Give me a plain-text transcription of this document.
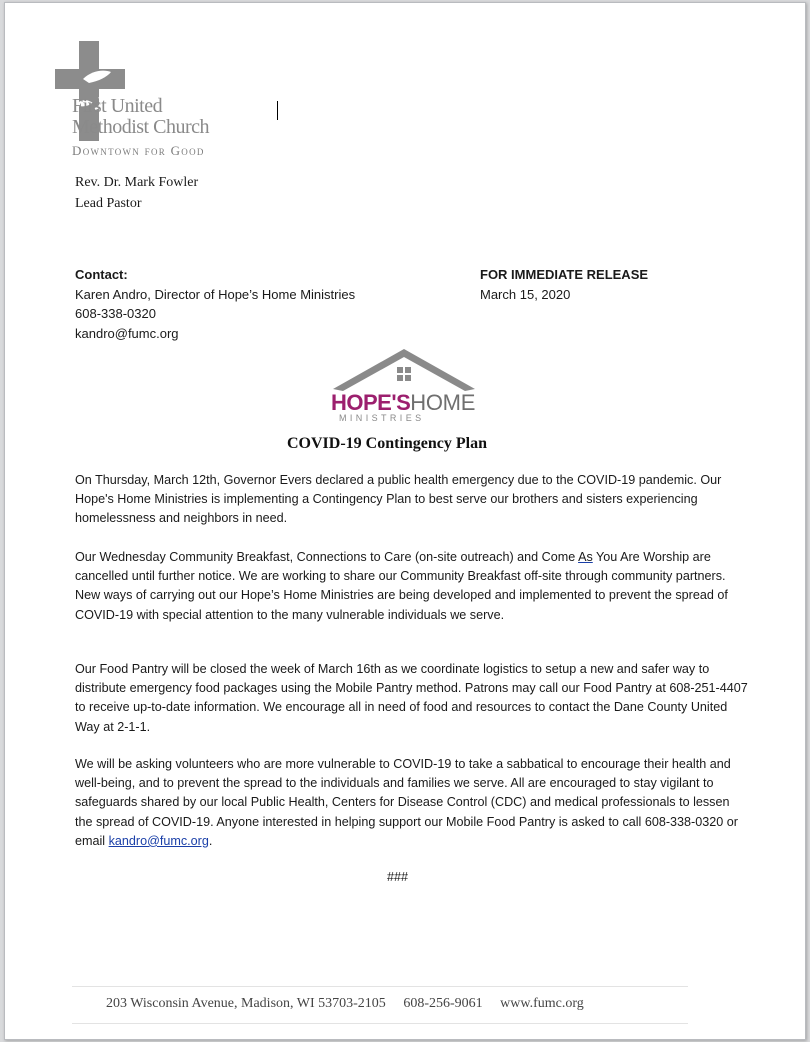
First United
Methodist Church
Downtown for Good
Rev. Dr. Mark Fowler
Lead Pastor
Contact:
Karen Andro, Director of Hope’s Home Ministries
608-338-0320
kandro@fumc.org
FOR IMMEDIATE RELEASE
March 15, 2020
HOPE'SHOME
MINISTRIES
COVID-19 Contingency Plan
On Thursday, March 12th, Governor Evers declared a public health emergency due to the COVID-19 pandemic. Our Hope's Home Ministries is implementing a Contingency Plan to best serve our brothers and sisters experiencing homelessness and neighbors in need.
Our Wednesday Community Breakfast, Connections to Care (on-site outreach) and Come As You Are Worship are cancelled until further notice. We are working to share our Community Breakfast off-site through community partners. New ways of carrying out our Hope’s Home Ministries are being developed and implemented to prevent the spread of COVID-19 with special attention to the many vulnerable individuals we serve.
Our Food Pantry will be closed the week of March 16th as we coordinate logistics to setup a new and safer way to distribute emergency food packages using the Mobile Pantry method. Patrons may call our Food Pantry at 608-251-4407 to receive up-to-date information. We encourage all in need of food and resources to contact the Dane County United Way at 2-1-1.
We will be asking volunteers who are more vulnerable to COVID-19 to take a sabbatical to encourage their health and well-being, and to prevent the spread to the individuals and families we serve. All are encouraged to stay vigilant to safeguards shared by our local Public Health, Centers for Disease Control (CDC) and medical professionals to lessen the spread of COVID-19. Anyone interested in helping support our Mobile Food Pantry is asked to call 608-338-0320 or email kandro@fumc.org.
###
203 Wisconsin Avenue, Madison, WI 53703-2105 608-256-9061 www.fumc.org
